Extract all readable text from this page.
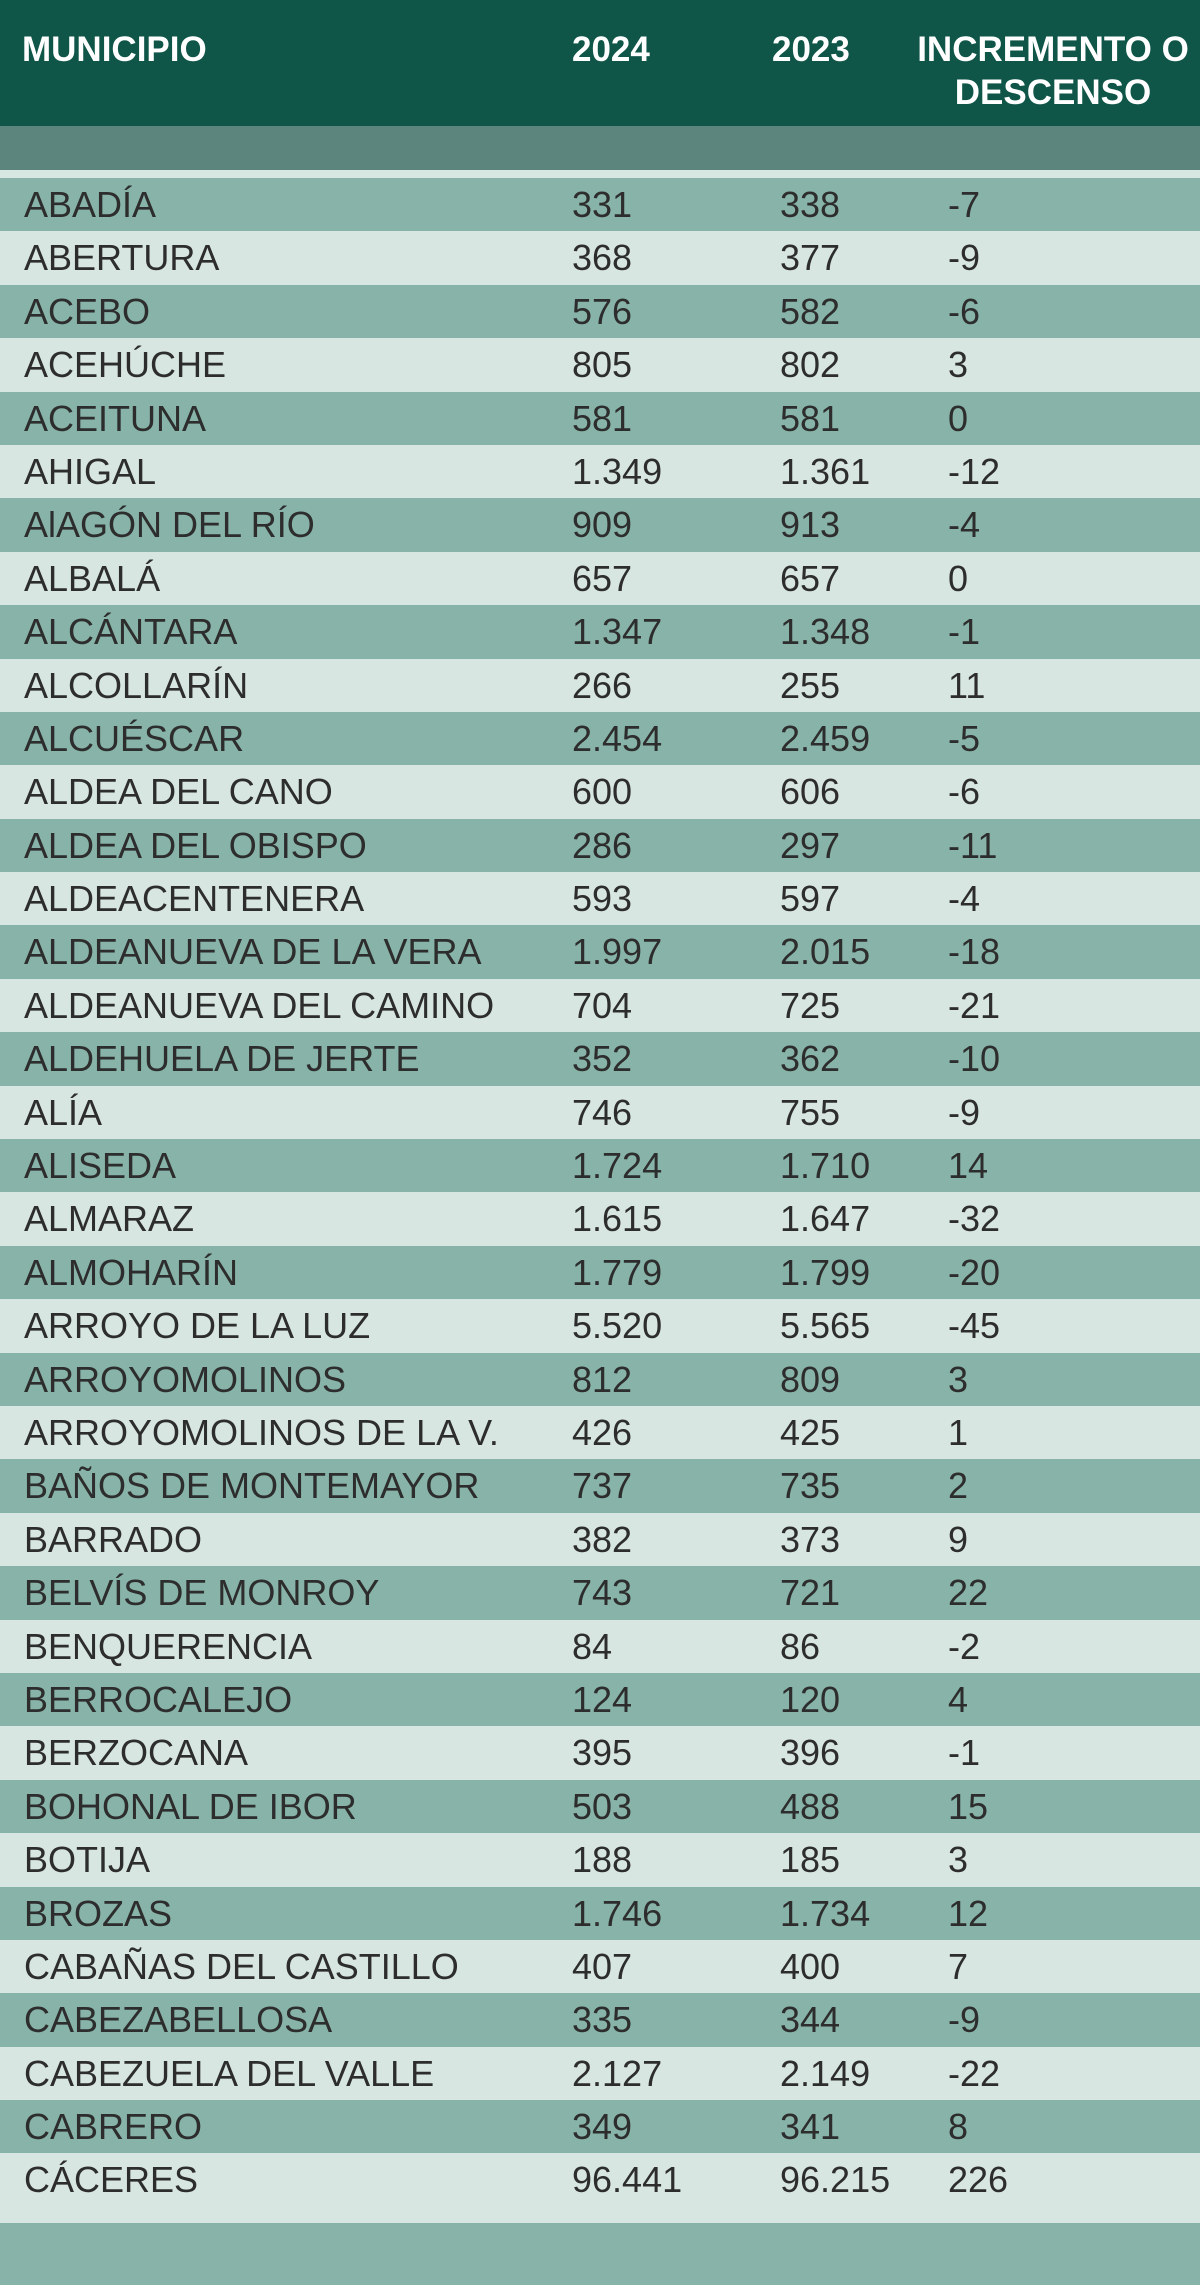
MUNICIPIO	2024	2023 INCREMENTO O
DESCENSO
ABADÍA	331	338	-7
ABERTURA	368	377	-9
ACEBO	576	582	-6
ACEHÚCHE	805	802	3
ACEITUNA	581	581	0
AHIGAL	1.349	1.361 -12
AlAGÓN DEL RÍO	909	913	-4
ALBALÁ	657	657	0
ALCÁNTARA	1.347	1.348 -1
ALCOLLARÍN	266	255	11
ALCUÉSCAR	2.454	2.459 -5
ALDEA DEL CANO	600	606	-6
ALDEA DEL OBISPO	286	297	-11
ALDEACENTENERA	593	597	-4
ALDEANUEVA DE LA VERA	1.997	2.015 -18
ALDEANUEVA DEL CAMINO 704	725	-21
ALDEHUELA DE JERTE	352	362	-10
ALÍA	746	755	-9
ALISEDA	1.724	1.710 14
ALMARAZ	1.615	1.647 -32
ALMOHARÍN	1.779	1.799 -20
ARROYO DE LA LUZ	5.520	5.565 -45
ARROYOMOLINOS	812	809	3
ARROYOMOLINOS DE LA V. 426	425	1
BAÑOS DE MONTEMAYOR	737	735	2
BARRADO	382	373	9
BELVÍS DE MONROY	743	721	22
BENQUERENCIA	84	86	-2
BERROCALEJO	124	120	4
BERZOCANA	395	396	-1
BOHONAL DE IBOR	503	488	15
BOTIJA	188	185	3
BROZAS	1.746	1.734 12
CABAÑAS DEL CASTILLO	407	400	7
CABEZABELLOSA	335	344	-9
CABEZUELA DEL VALLE	2.127	2.149 -22
CABRERO	349	341	8
CÁCERES	96.441	96.215 226
